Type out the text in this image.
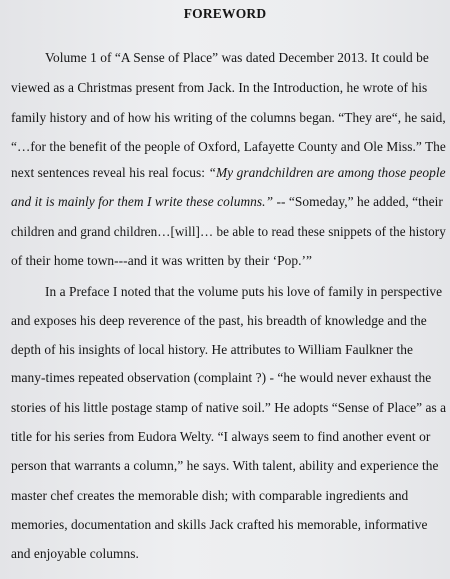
FOREWORD
Volume 1 of “A Sense of Place” was dated December 2013. It could be
viewed as a Christmas present from Jack. In the Introduction, he wrote of his
family history and of how his writing of the columns began. “They are“, he said,
“…for the benefit of the people of Oxford, Lafayette County and Ole Miss.” The
next sentences reveal his real focus: “My grandchildren are among those people
and it is mainly for them I write these columns.” -- “Someday,” he added, “their
children and grand children…[will]… be able to read these snippets of the history
of their home town---and it was written by their ‘Pop.’”
In a Preface I noted that the volume puts his love of family in perspective
and exposes his deep reverence of the past, his breadth of knowledge and the
depth of his insights of local history. He attributes to William Faulkner the
many-times repeated observation (complaint ?) - “he would never exhaust the
stories of his little postage stamp of native soil.” He adopts “Sense of Place” as a
title for his series from Eudora Welty. “I always seem to find another event or
person that warrants a column,” he says. With talent, ability and experience the
master chef creates the memorable dish; with comparable ingredients and
memories, documentation and skills Jack crafted his memorable, informative
and enjoyable columns.
